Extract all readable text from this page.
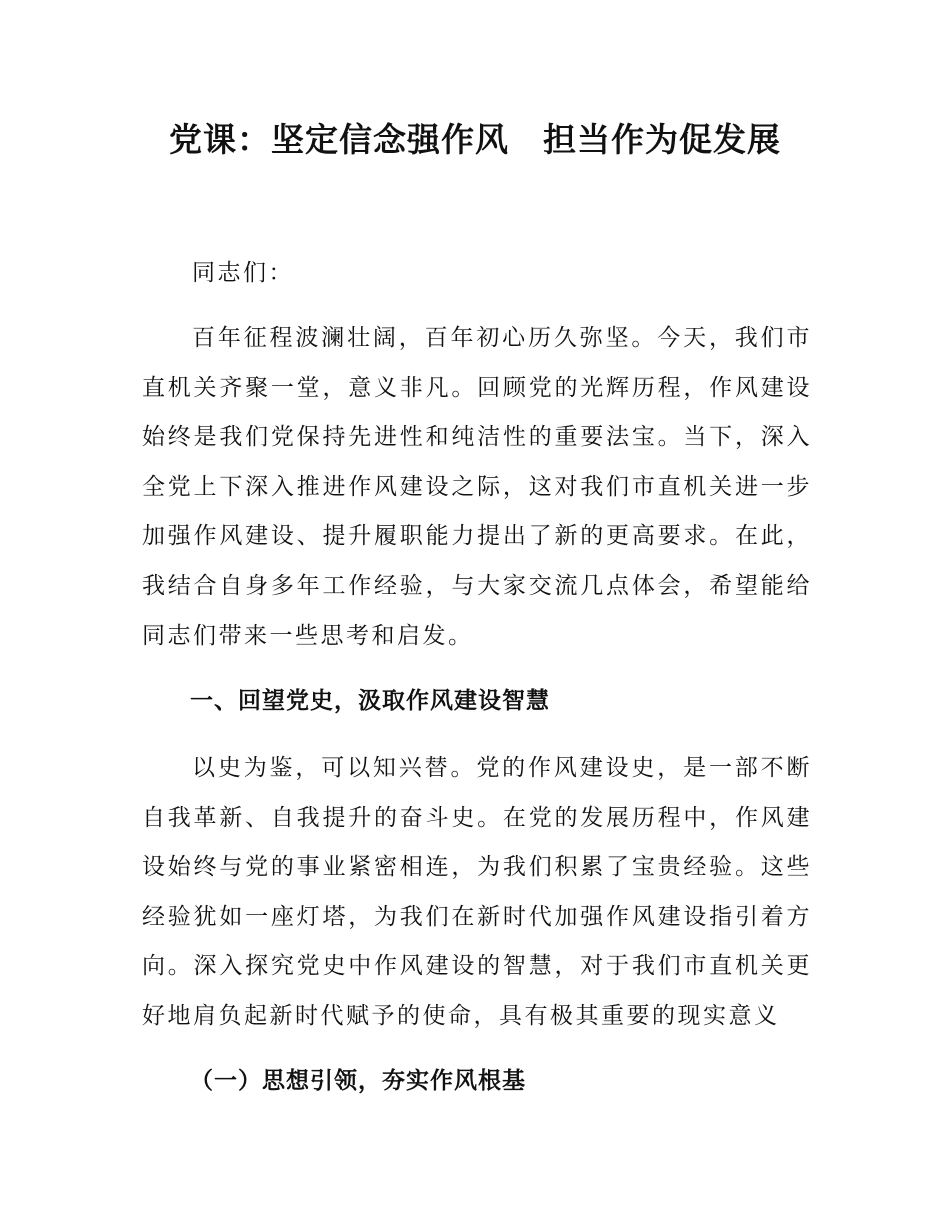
党课：坚定信念强作风　担当作为促发展
同志们：

百年征程波澜壮阔，百年初心历久弥坚。今天，我们市直机关齐聚一堂，意义非凡。回顾党的光辉历程，作风建设始终是我们党保持先进性和纯洁性的重要法宝。当下，深入全党上下深入推进作风建设之际，这对我们市直机关进一步加强作风建设、提升履职能力提出了新的更高要求。在此，我结合自身多年工作经验，与大家交流几点体会，希望能给同志们带来一些思考和启发。

一、回望党史，汲取作风建设智慧

以史为鉴，可以知兴替。党的作风建设史，是一部不断自我革新、自我提升的奋斗史。在党的发展历程中，作风建设始终与党的事业紧密相连，为我们积累了宝贵经验。这些经验犹如一座灯塔，为我们在新时代加强作风建设指引着方向。深入探究党史中作风建设的智慧，对于我们市直机关更好地肩负起新时代赋予的使命，具有极其重要的现实意义

（一）思想引领，夯实作风根基
